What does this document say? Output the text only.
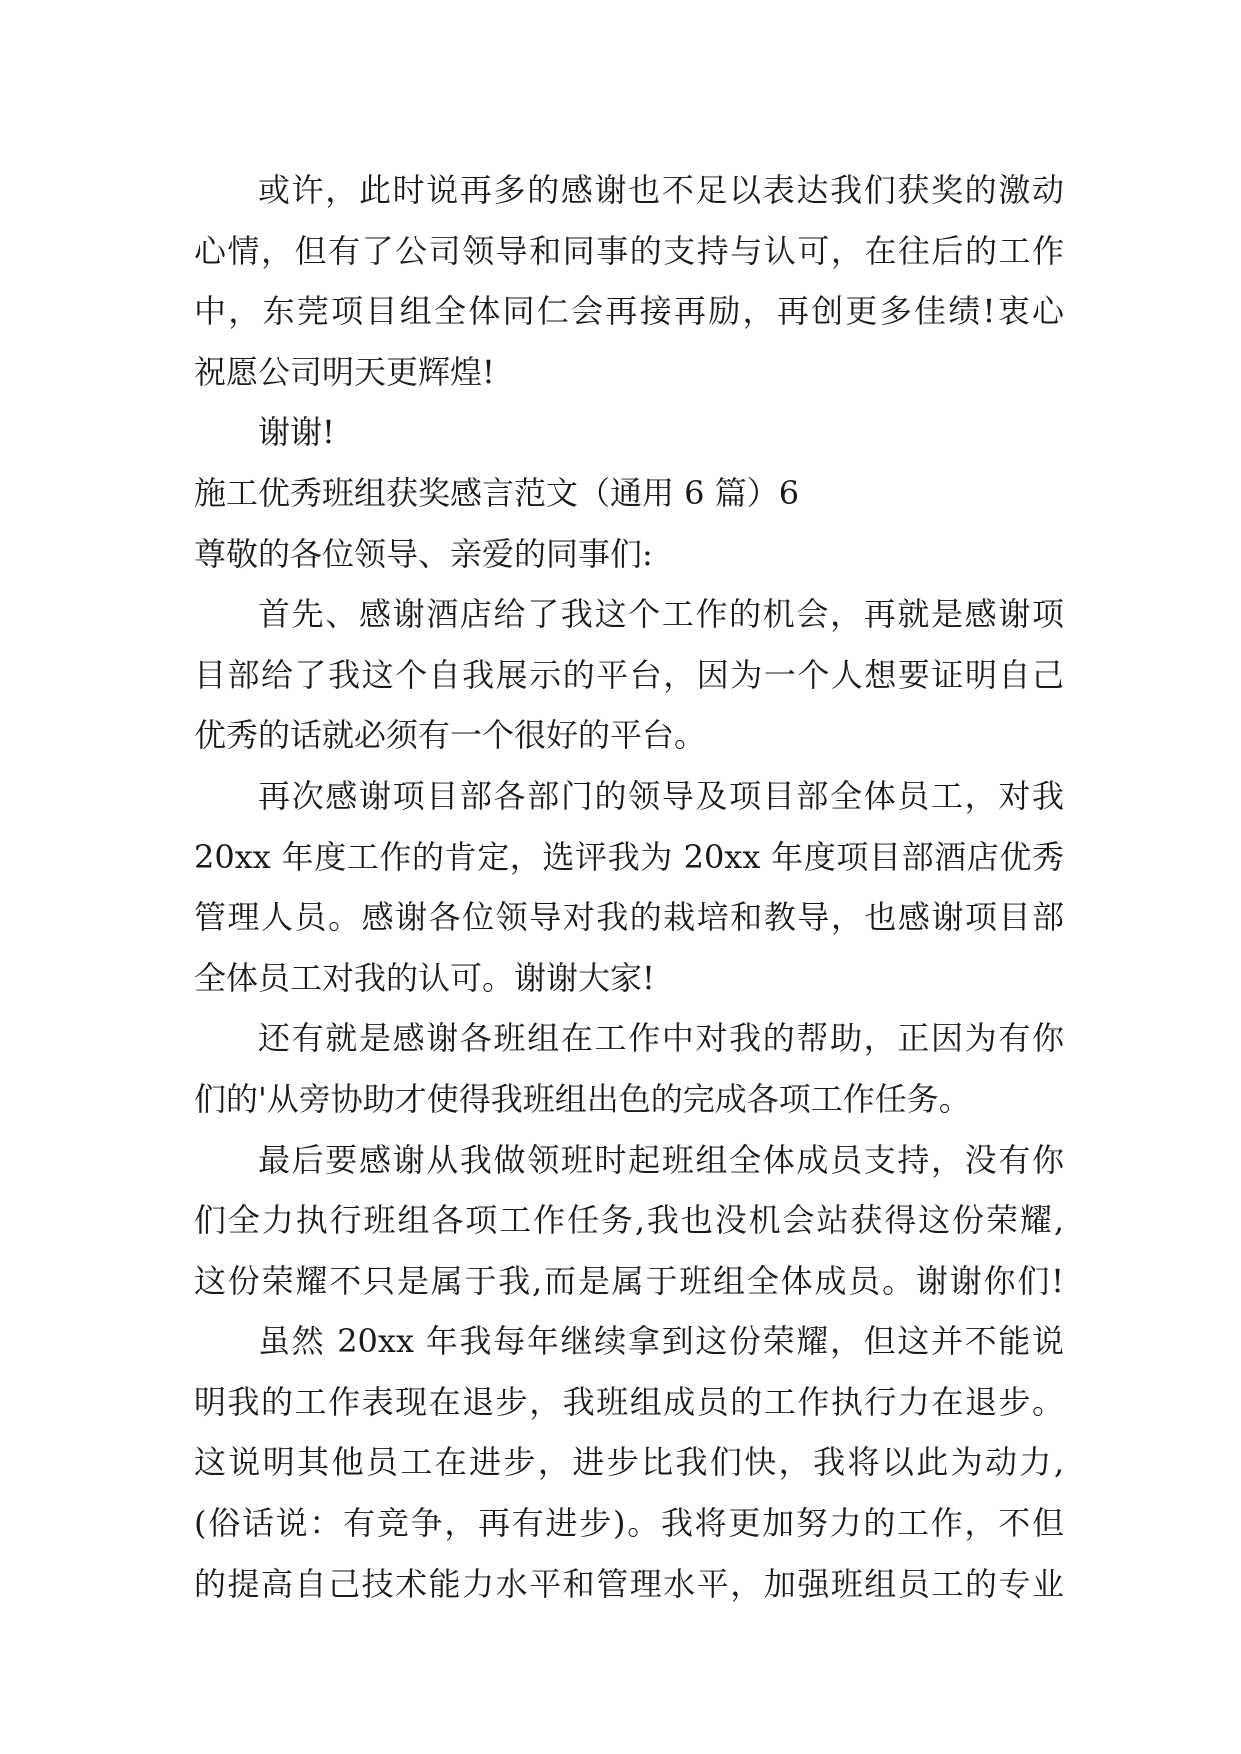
或许，此时说再多的感谢也不足以表达我们获奖的激动
心情，但有了公司领导和同事的支持与认可，在往后的工作
中，东莞项目组全体同仁会再接再励，再创更多佳绩!衷心
祝愿公司明天更辉煌!
谢谢!
施工优秀班组获奖感言范文（通用 6 篇）6
尊敬的各位领导、亲爱的同事们:
首先、感谢酒店给了我这个工作的机会，再就是感谢项
目部给了我这个自我展示的平台，因为一个人想要证明自己
优秀的话就必须有一个很好的平台。
再次感谢项目部各部门的领导及项目部全体员工，对我
20xx 年度工作的肯定，选评我为 20xx 年度项目部酒店优秀
管理人员。感谢各位领导对我的栽培和教导，也感谢项目部
全体员工对我的认可。谢谢大家!
还有就是感谢各班组在工作中对我的帮助，正因为有你
们的'从旁协助才使得我班组出色的完成各项工作任务。
最后要感谢从我做领班时起班组全体成员支持，没有你
们全力执行班组各项工作任务,我也没机会站获得这份荣耀,
这份荣耀不只是属于我,而是属于班组全体成员。谢谢你们!
虽然 20xx 年我每年继续拿到这份荣耀，但这并不能说
明我的工作表现在退步，我班组成员的工作执行力在退步。
这说明其他员工在进步，进步比我们快，我将以此为动力,
(俗话说：有竞争，再有进步)。我将更加努力的工作，不但
的提高自己技术能力水平和管理水平，加强班组员工的专业
